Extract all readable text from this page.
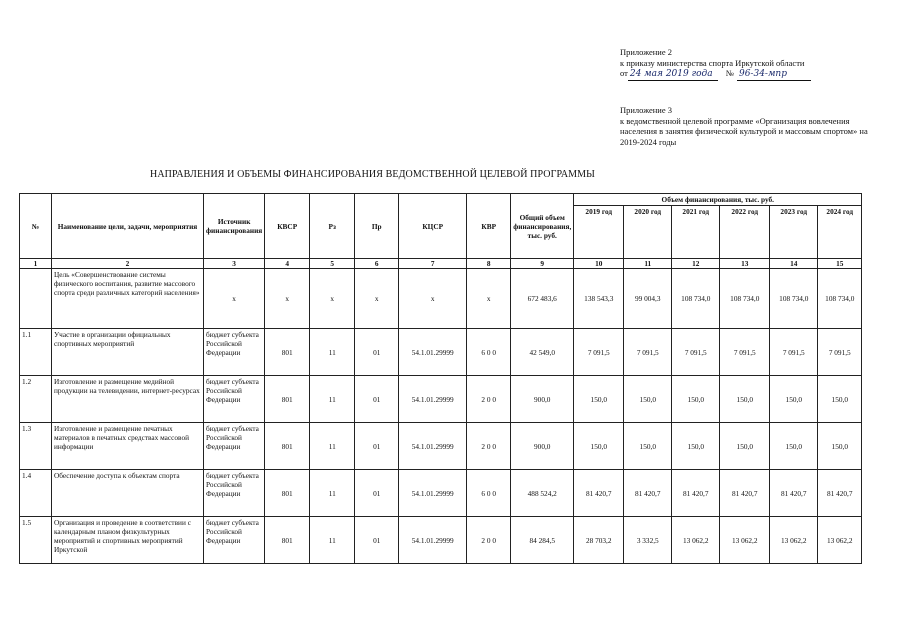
Приложение 2
к приказу министерства спорта Иркутской области
от 24 мая 2019 года	№ 96-34-мпр
Приложение 3
к ведомственной целевой программе «Организация вовлечения населения в занятия физической культурой и массовым спортом» на 2019-2024 годы
НАПРАВЛЕНИЯ И ОБЪЕМЫ ФИНАНСИРОВАНИЯ ВЕДОМСТВЕННОЙ ЦЕЛЕВОЙ ПРОГРАММЫ
№	Наименование цели, задачи, мероприятия	Источник финансирования	КВСР	Рз	Пр	КЦСР	КВР	Общий объем финансирования, тыс. руб.	Объем финансирования, тыс. руб.					
									2019 год	2020 год	2021 год	2022 год	2023 год	2024 год
1	2	3	4	5	6	7	8	9	10	11	12	13	14	15
	Цель «Совершенствование системы физического воспитания, развитие массового спорта среди различных категорий населения»	х	х	х	х	х	х	672 483,6	138 543,3	99 004,3	108 734,0	108 734,0	108 734,0	108 734,0
1.1	Участие в организации официальных спортивных мероприятий	бюджет субъекта Российской Федерации	801	11	01	54.1.01.29999	6 0 0	42 549,0	7 091,5	7 091,5	7 091,5	7 091,5	7 091,5	7 091,5
1.2	Изготовление и размещение медийной продукции на телевидении, интернет-ресурсах	бюджет субъекта Российской Федерации	801	11	01	54.1.01.29999	2 0 0	900,0	150,0	150,0	150,0	150,0	150,0	150,0
1.3	Изготовление и размещение печатных материалов в печатных средствах массовой информации	бюджет субъекта Российской Федерации	801	11	01	54.1.01.29999	2 0 0	900,0	150,0	150,0	150,0	150,0	150,0	150,0
1.4	Обеспечение доступа к объектам спорта	бюджет субъекта Российской Федерации	801	11	01	54.1.01.29999	6 0 0	488 524,2	81 420,7	81 420,7	81 420,7	81 420,7	81 420,7	81 420,7
1.5	Организация и проведение в соответствии с календарным планом физкультурных мероприятий и спортивных мероприятий Иркутской	бюджет субъекта Российской Федерации	801	11	01	54.1.01.29999	2 0 0	84 284,5	28 703,2	3 332,5	13 062,2	13 062,2	13 062,2	13 062,2
